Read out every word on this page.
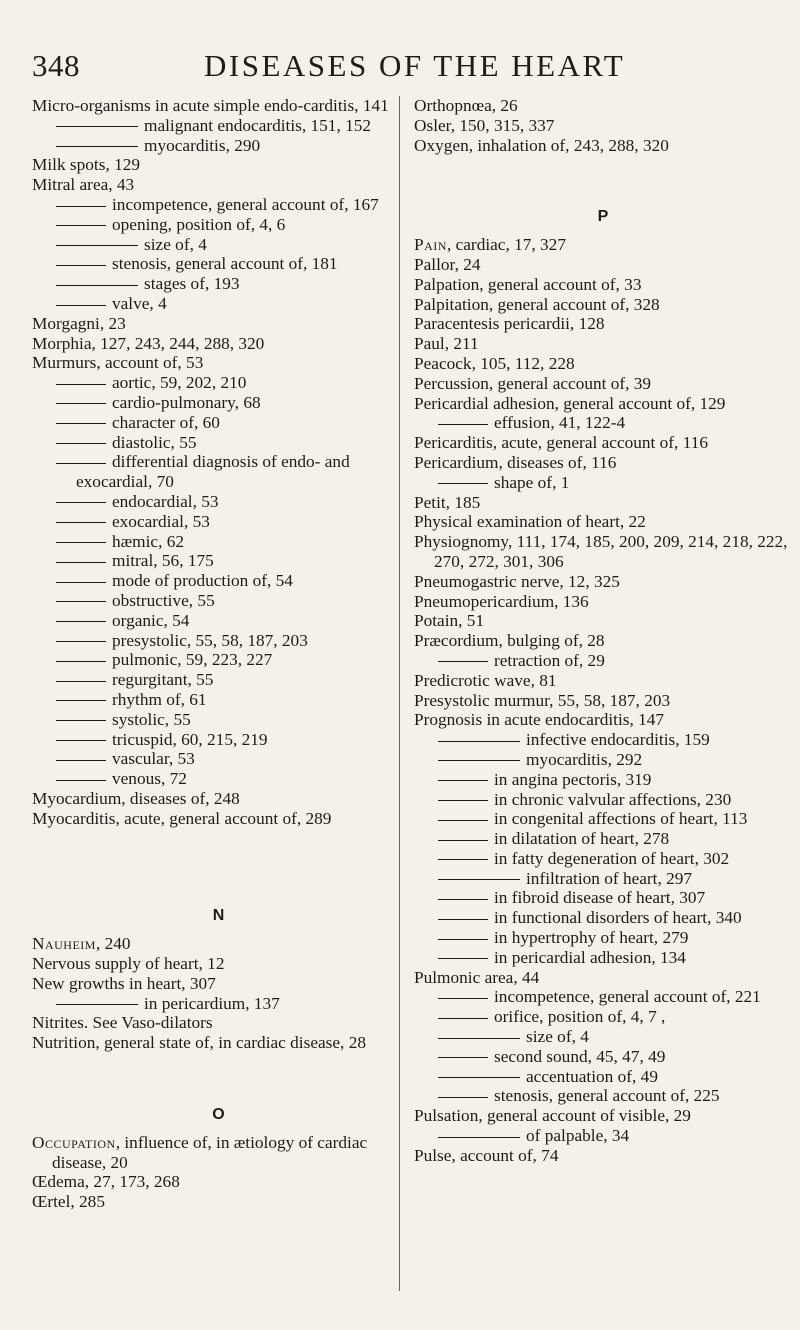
348	DISEASES OF THE HEART

Micro-organisms in acute simple endo-carditis, 141

malignant endocarditis, 151, 152

myocarditis, 290

Milk spots, 129

Mitral area, 43

incompetence, general account of, 167

opening, position of, 4, 6

size of, 4

stenosis, general account of, 181

stages of, 193

valve, 4

Morgagni, 23

Morphia, 127, 243, 244, 288, 320

Murmurs, account of, 53

aortic, 59, 202, 210

cardio-pulmonary, 68

character of, 60

diastolic, 55

differential diagnosis of endo- and exocardial, 70

endocardial, 53

exocardial, 53

hæmic, 62

mitral, 56, 175

mode of production of, 54

obstructive, 55

organic, 54

presystolic, 55, 58, 187, 203

pulmonic, 59, 223, 227

regurgitant, 55

rhythm of, 61

systolic, 55

tricuspid, 60, 215, 219

vascular, 53

venous, 72

Myocardium, diseases of, 248

Myocarditis, acute, general account of, 289

N

Nauheim, 240

Nervous supply of heart, 12

New growths in heart, 307

in pericardium, 137

Nitrites. See Vaso-dilators

Nutrition, general state of, in cardiac disease, 28

O

Occupation, influence of, in ætiology of cardiac disease, 20

Œdema, 27, 173, 268

Œrtel, 285

Orthopnœa, 26

Osler, 150, 315, 337

Oxygen, inhalation of, 243, 288, 320

P

Pain, cardiac, 17, 327

Pallor, 24

Palpation, general account of, 33

Palpitation, general account of, 328

Paracentesis pericardii, 128

Paul, 211

Peacock, 105, 112, 228

Percussion, general account of, 39

Pericardial adhesion, general account of, 129

effusion, 41, 122-4

Pericarditis, acute, general account of, 116

Pericardium, diseases of, 116

shape of, 1

Petit, 185

Physical examination of heart, 22

Physiognomy, 111, 174, 185, 200, 209, 214, 218, 222, 270, 272, 301, 306

Pneumogastric nerve, 12, 325

Pneumopericardium, 136

Potain, 51

Præcordium, bulging of, 28

retraction of, 29

Predicrotic wave, 81

Presystolic murmur, 55, 58, 187, 203

Prognosis in acute endocarditis, 147

infective endocarditis, 159

myocarditis, 292

in angina pectoris, 319

in chronic valvular affections, 230

in congenital affections of heart, 113

in dilatation of heart, 278

in fatty degeneration of heart, 302

infiltration of heart, 297

in fibroid disease of heart, 307

in functional disorders of heart, 340

in hypertrophy of heart, 279

in pericardial adhesion, 134

Pulmonic area, 44

incompetence, general account of, 221

orifice, position of, 4, 7 ,

size of, 4

second sound, 45, 47, 49

accentuation of, 49

stenosis, general account of, 225

Pulsation, general account of visible, 29

of palpable, 34

Pulse, account of, 74
